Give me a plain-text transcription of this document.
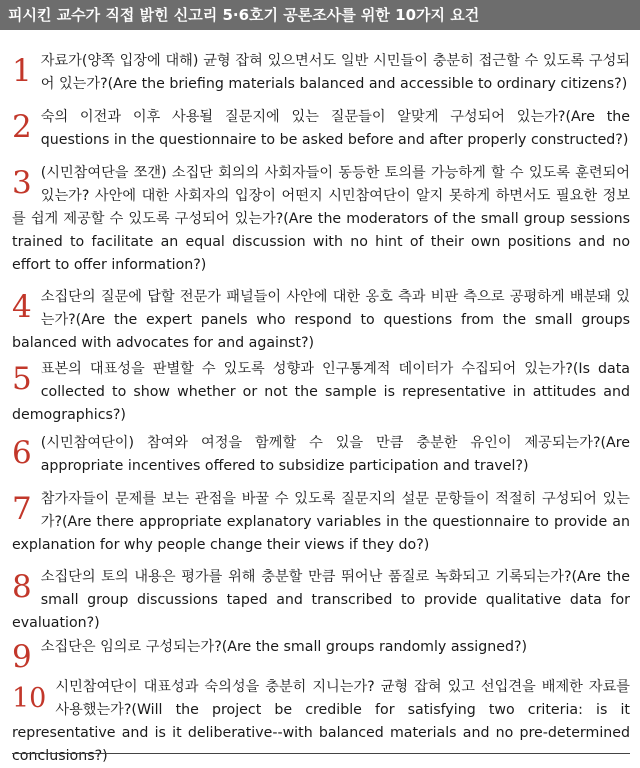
피시킨 교수가 직접 밝힌 신고리 5·6호기 공론조사를 위한 10가지 요건
1 자료가(양쪽 입장에 대해) 균형 잡혀 있으면서도 일반 시민들이 충분히 접근할 수 있도록 구성되어 있는가?(Are the briefing materials balanced and accessible to ordinary citizens?)
2 숙의 이전과 이후 사용될 질문지에 있는 질문들이 알맞게 구성되어 있는가?(Are the questions in the questionnaire to be asked before and after properly constructed?)
3 (시민참여단을 쪼갠) 소집단 회의의 사회자들이 동등한 토의를 가능하게 할 수 있도록 훈련되어 있는가? 사안에 대한 사회자의 입장이 어떤지 시민참여단이 알지 못하게 하면서도 필요한 정보를 쉽게 제공할 수 있도록 구성되어 있는가?(Are the moderators of the small group sessions trained to facilitate an equal discussion with no hint of their own positions and no effort to offer information?)
4 소집단의 질문에 답할 전문가 패널들이 사안에 대한 옹호 측과 비판 측으로 공평하게 배분돼 있는가?(Are the expert panels who respond to questions from the small groups balanced with advocates for and against?)
5 표본의 대표성을 판별할 수 있도록 성향과 인구통계적 데이터가 수집되어 있는가?(Is data collected to show whether or not the sample is representative in attitudes and demographics?)
6 (시민참여단이) 참여와 여정을 함께할 수 있을 만큼 충분한 유인이 제공되는가?(Are appropriate incentives offered to subsidize participation and travel?)
7 참가자들이 문제를 보는 관점을 바꿀 수 있도록 질문지의 설문 문항들이 적절히 구성되어 있는가?(Are there appropriate explanatory variables in the questionnaire to provide an explanation for why people change their views if they do?)
8 소집단의 토의 내용은 평가를 위해 충분할 만큼 뛰어난 품질로 녹화되고 기록되는가?(Are the small group discussions taped and transcribed to provide qualitative data for evaluation?)
9 소집단은 임의로 구성되는가?(Are the small groups randomly assigned?)
10 시민참여단이 대표성과 숙의성을 충분히 지니는가? 균형 잡혀 있고 선입견을 배제한 자료를 사용했는가?(Will the project be credible for satisfying two criteria: is it representative and is it deliberative--with balanced materials and no pre-determined conclusions?)
